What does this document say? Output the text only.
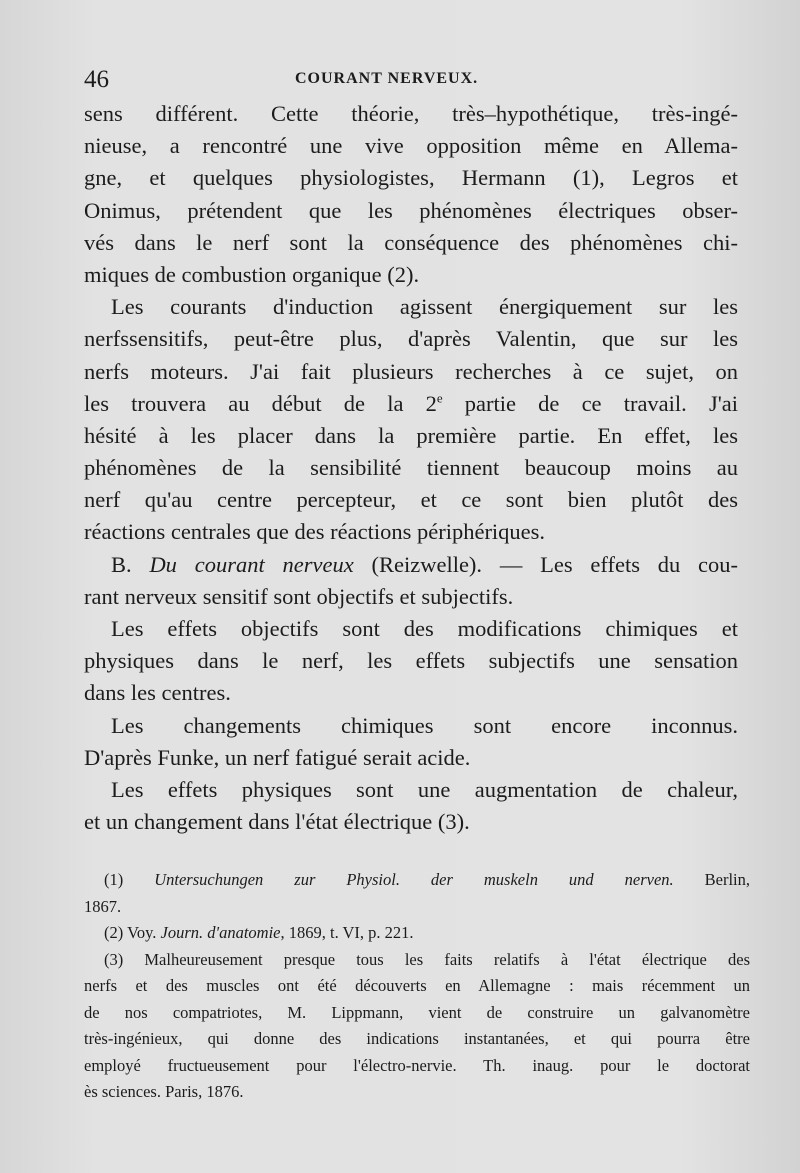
46	COURANT NERVEUX.
sens différent. Cette théorie, très–hypothétique, très-ingé-
nieuse, a rencontré une vive opposition même en Allema-
gne, et quelques physiologistes, Hermann (1), Legros et
Onimus, prétendent que les phénomènes électriques obser-
vés dans le nerf sont la conséquence des phénomènes chi-
miques de combustion organique (2).
Les courants d'induction agissent énergiquement sur les
nerfssensitifs, peut-être plus, d'après Valentin, que sur les
nerfs moteurs. J'ai fait plusieurs recherches à ce sujet, on
les trouvera au début de la 2e partie de ce travail. J'ai
hésité à les placer dans la première partie. En effet, les
phénomènes de la sensibilité tiennent beaucoup moins au
nerf qu'au centre percepteur, et ce sont bien plutôt des
réactions centrales que des réactions périphériques.
B. Du courant nerveux (Reizwelle). — Les effets du cou-
rant nerveux sensitif sont objectifs et subjectifs.
Les effets objectifs sont des modifications chimiques et
physiques dans le nerf, les effets subjectifs une sensation
dans les centres.
Les changements chimiques sont encore inconnus.
D'après Funke, un nerf fatigué serait acide.
Les effets physiques sont une augmentation de chaleur,
et un changement dans l'état électrique (3).
(1) Untersuchungen zur Physiol. der muskeln und nerven. Berlin,
1867.
(2) Voy. Journ. d'anatomie, 1869, t. VI, p. 221.
(3) Malheureusement presque tous les faits relatifs à l'état électrique des
nerfs et des muscles ont été découverts en Allemagne : mais récemment un
de nos compatriotes, M. Lippmann, vient de construire un galvanomètre
très-ingénieux, qui donne des indications instantanées, et qui pourra être
employé fructueusement pour l'électro-nervie. Th. inaug. pour le doctorat
ès sciences. Paris, 1876.
